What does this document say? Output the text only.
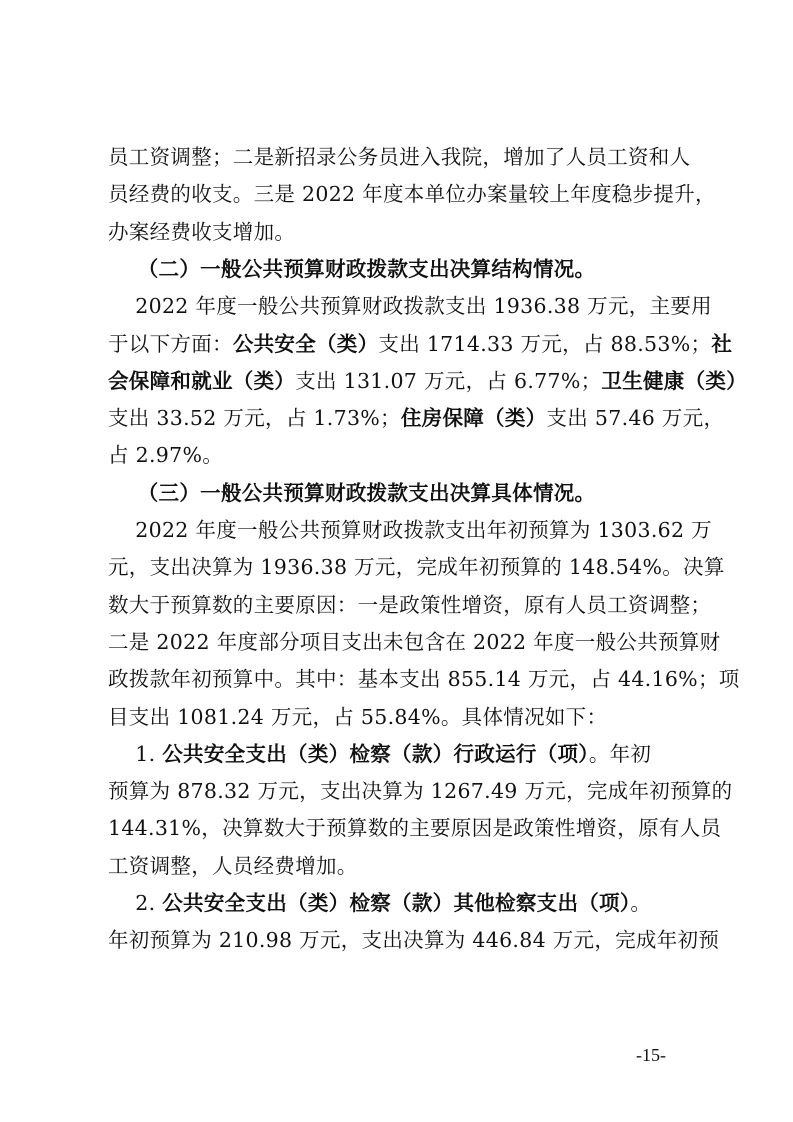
员工资调整；二是新招录公务员进入我院，增加了人员工资和人
员经费的收支。三是 2022 年度本单位办案量较上年度稳步提升，
办案经费收支增加。
（二）一般公共预算财政拨款支出决算结构情况。
2022 年度一般公共预算财政拨款支出 1936.38 万元，主要用
于以下方面：公共安全（类）支出 1714.33 万元，占 88.53%；社
会保障和就业（类）支出 131.07 万元，占 6.77%；卫生健康（类）
支出 33.52 万元，占 1.73%；住房保障（类）支出 57.46 万元，
占 2.97%。
（三）一般公共预算财政拨款支出决算具体情况。
2022 年度一般公共预算财政拨款支出年初预算为 1303.62 万
元，支出决算为 1936.38 万元，完成年初预算的 148.54%。决算
数大于预算数的主要原因：一是政策性增资，原有人员工资调整；
二是 2022 年度部分项目支出未包含在 2022 年度一般公共预算财
政拨款年初预算中。其中：基本支出 855.14 万元，占 44.16%；项
目支出 1081.24 万元，占 55.84%。具体情况如下：
1. 公共安全支出（类）检察（款）行政运行（项）。年初
预算为 878.32 万元，支出决算为 1267.49 万元，完成年初预算的
144.31%，决算数大于预算数的主要原因是政策性增资，原有人员
工资调整，人员经费增加。
2. 公共安全支出（类）检察（款）其他检察支出（项）。
年初预算为 210.98 万元，支出决算为 446.84 万元，完成年初预
-15-
